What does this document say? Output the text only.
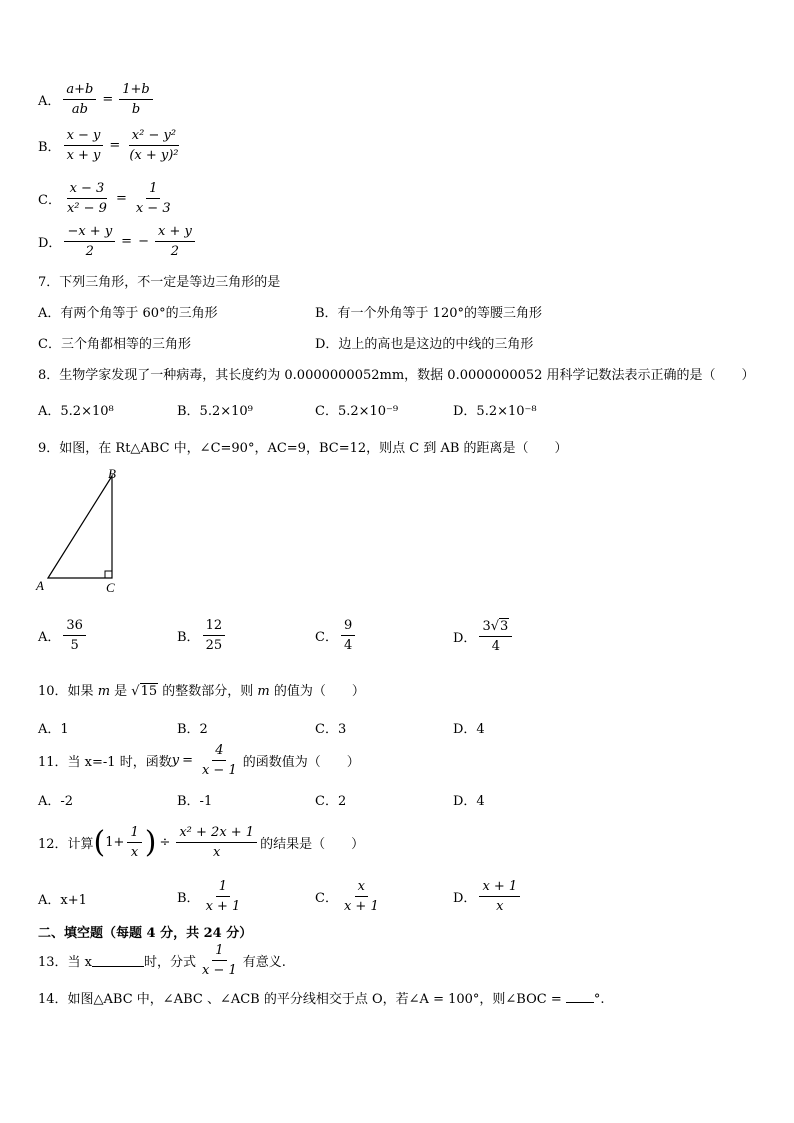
A． $\frac{a+b}{ab} = \frac{1+b}{b}$
B． $\frac{x - y}{x + y} = \frac{\text{x² − y²}}{\text{(x + y)²}}$
C． $\frac{x - 3}{\text{x² − 9}} = \frac{1}{x - 3}$
D． $\frac{-x + y}{2}$ = − $\frac{x + y}{2}$
7．下列三角形，不一定是等边三角形的是
A．有两个角等于 60°的三角形	B．有一个外角等于 120°的等腰三角形
C．三个角都相等的三角形	D．边上的高也是这边的中线的三角形
8．生物学家发现了一种病毒，其长度约为 0.0000000052mm，数据 0.0000000052 用科学记数法表示正确的是（　　）
A．5.2×10⁸	B．5.2×10⁹	C．5.2×10⁻⁹	D．5.2×10⁻⁸
9．如图，在 Rt△ABC 中，∠C=90°，AC=9，BC=12，则点 C 到 AB 的距离是（　　）
A
B
C
A． $\frac{36}{5}$	B． $\frac{12}{25}$	C． $\frac{9}{4}$	D． $\frac{3 √ 3}{4}$
10．如果 m 是 √ 15 的整数部分，则 m 的值为（　　）
A．1	B．2	C．3	D．4
11．当 x=-1 时，函数 $y = \frac{4}{x - 1}$ 的函数值为（　　）
A．-2	B．-1	C．2	D．4
12．计算 ( $1+ \frac{1}{x}$ ) ÷ $\frac{\text{x² + 2x + 1}}{x}$ 的结果是（　　）
A．x+1	B． $\frac{1}{x + 1}$	C． $\frac{x}{x + 1}$	D． $\frac{x + 1}{x}$
二、填空题（每题 4 分，共 24 分）
13．当 x	时，分式 $\frac{1}{x - 1}$ 有意义.
14．如图△ABC 中，∠ABC 、∠ACB 的平分线相交于点 O，若∠A = 100°，则∠BOC = °.
